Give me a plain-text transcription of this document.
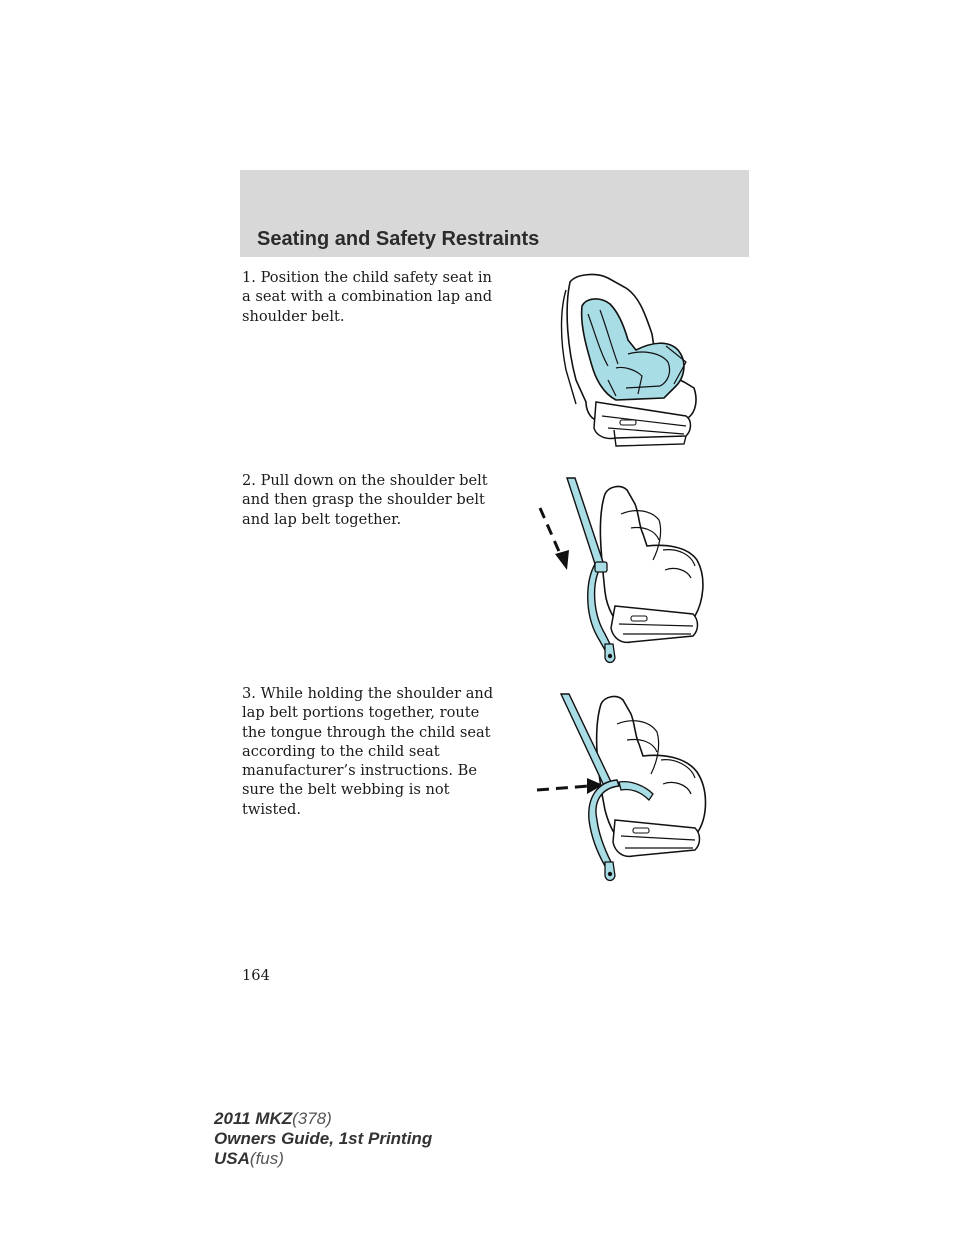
Seating and Safety Restraints

1. Position the child safety seat in a seat with a combination lap and shoulder belt.

2. Pull down on the shoulder belt and then grasp the shoulder belt and lap belt together.

3. While holding the shoulder and lap belt portions together, route the tongue through the child seat according to the child seat manufacturer’s instructions. Be sure the belt webbing is not twisted.

164

2011 MKZ(378)
Owners Guide, 1st Printing
USA(fus)
